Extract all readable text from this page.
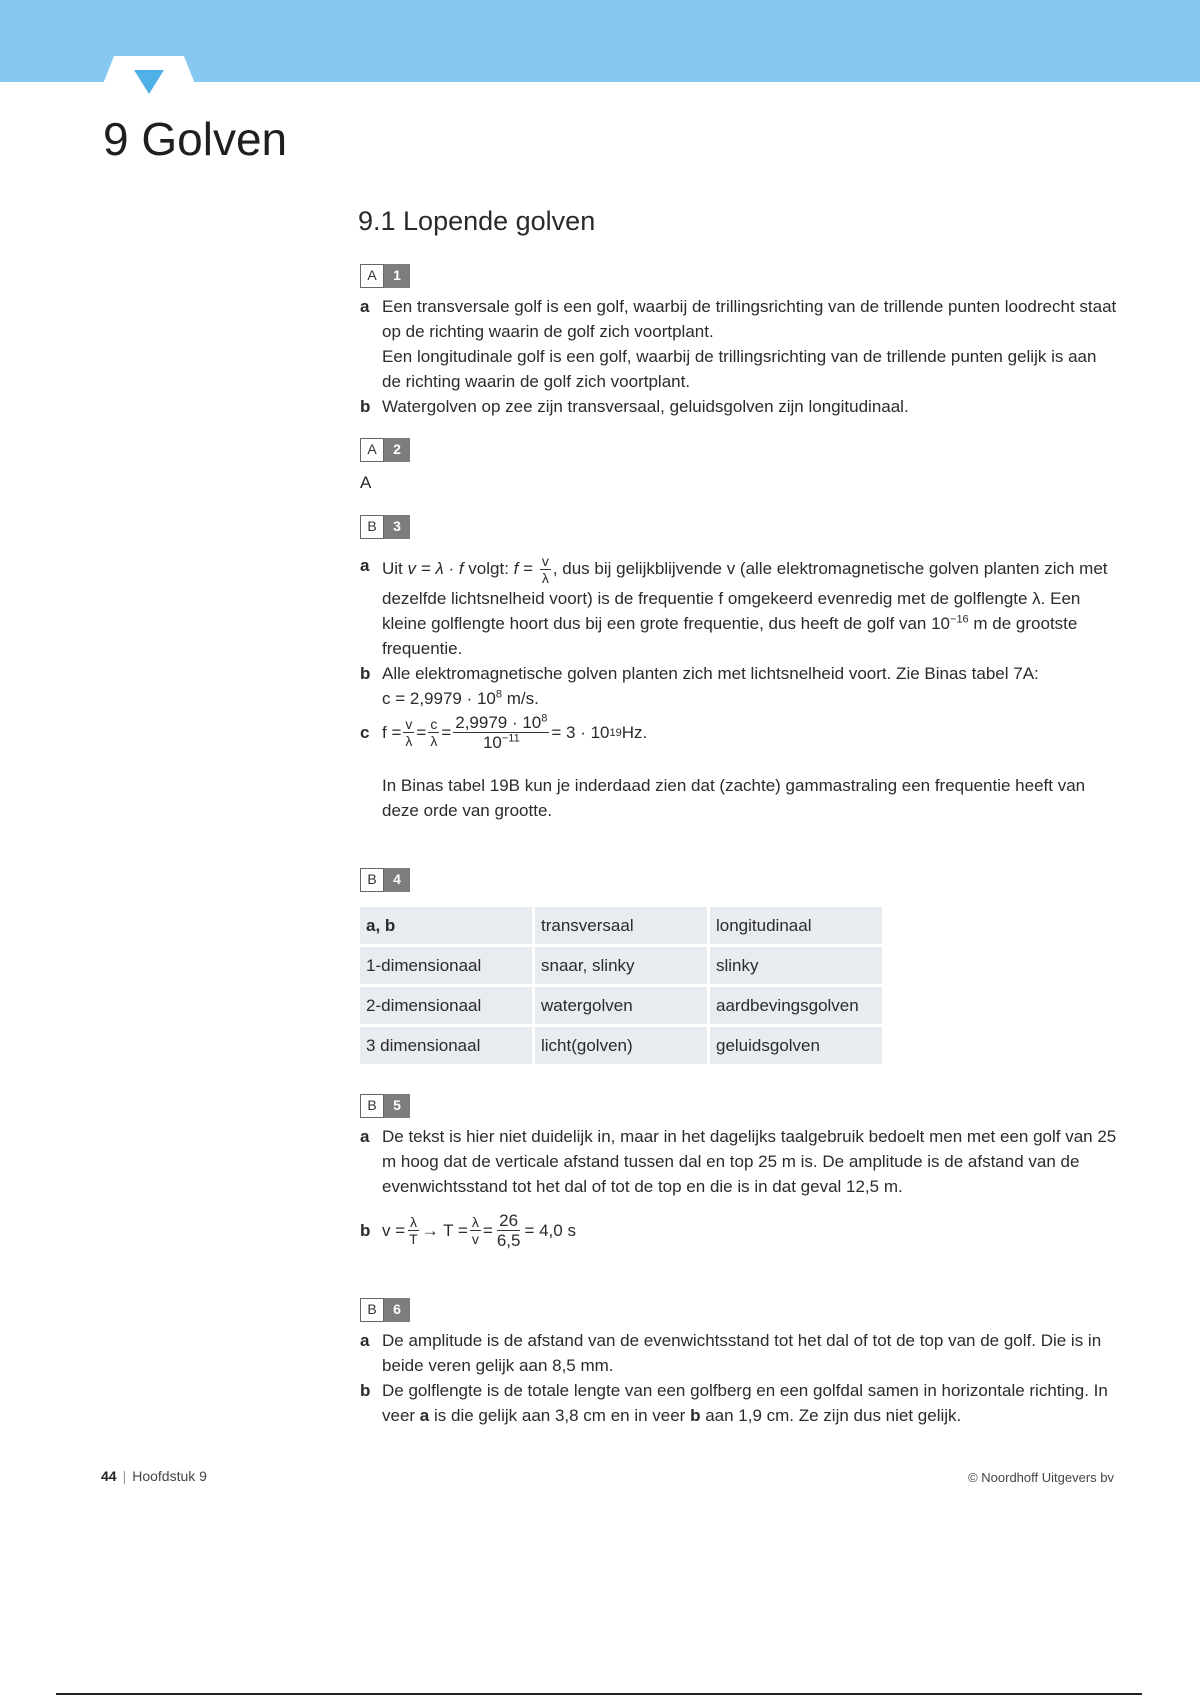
9 Golven
9.1 Lopende golven
A	1
a Een transversale golf is een golf, waarbij de trillingsrichting van de trillende punten loodrecht staat op de richting waarin de golf zich voortplant.
Een longitudinale golf is een golf, waarbij de trillingsrichting van de trillende punten gelijk is aan de richting waarin de golf zich voortplant.
b Watergolven op zee zijn transversaal, geluidsgolven zijn longitudinaal.
A	2
A
B	3
a Uit v = λ · f volgt: $f = \frac{v}{\lambda}$ , dus bij gelijkblijvende v (alle elektromagnetische golven planten zich met dezelfde lichtsnelheid voort) is de frequentie f omgekeerd evenredig met de golflengte λ. Een kleine golflengte hoort dus bij een grote frequentie, dus heeft de golf van $10^{-16}$ m de grootste frequentie.
b Alle elektromagnetische golven planten zich met lichtsnelheid voort. Zie Binas tabel 7A:
$c = 2,9979 \cdot 10^8$ m/s.
c $f = \frac{v}{\lambda} = \frac{c}{\lambda} = \frac{2,9979 \cdot 10^8}{10^{-11}} = 3 \cdot 10$ 19 Hz.
In Binas tabel 19B kun je inderdaad zien dat (zachte) gammastraling een frequentie heeft van deze orde van grootte.
B	4
a, b	transversaal	longitudinaal
1-dimensionaal	snaar, slinky	slinky
2-dimensionaal	watergolven	aardbevingsgolven
3 dimensionaal	licht(golven)	geluidsgolven
B	5
a De tekst is hier niet duidelijk in, maar in het dagelijks taalgebruik bedoelt men met een golf van 25 m hoog dat de verticale afstand tussen dal en top 25 m is. De amplitude is de afstand van de evenwichtsstand tot het dal of tot de top en die is in dat geval 12,5 m.
b $v = \frac{\lambda}{T} \to T = \frac{\lambda}{v} = \frac{26}{6,5} = 4,0$ s
B	6
a De amplitude is de afstand van de evenwichtsstand tot het dal of tot de top van de golf. Die is in beide veren gelijk aan 8,5 mm.
b De golflengte is de totale lengte van een golfberg en een golfdal samen in horizontale richting. In veer a is die gelijk aan 3,8 cm en in veer b aan 1,9 cm. Ze zijn dus niet gelijk.
44 | Hoofdstuk 9	© Noordhoff Uitgevers bv
